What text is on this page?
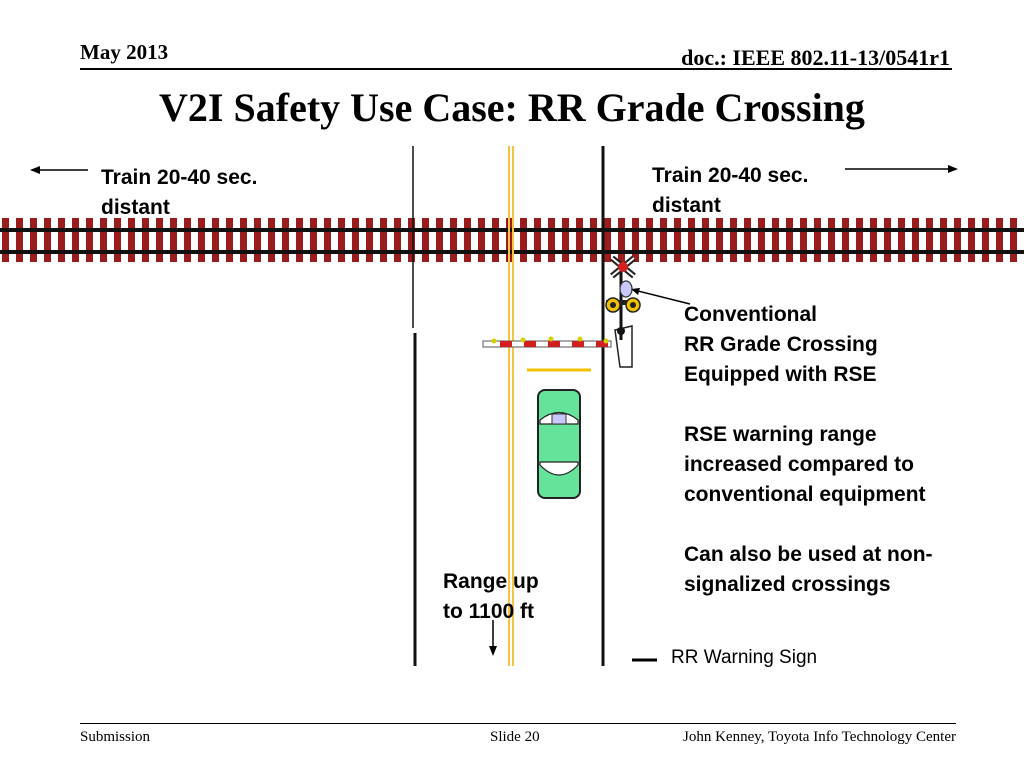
May 2013	doc.: IEEE 802.11-13/0541r1
V2I Safety Use Case: RR Grade Crossing
Train 20-40 sec.
distant
Train 20-40 sec.
distant
Range up
to 1100 ft

Conventional
RR Grade Crossing
Equipped with RSE

RSE warning range
increased compared to
conventional equipment

Can also be used at non-
signalized crossings

RR Warning Sign
Submission	Slide 20	John Kenney, Toyota Info Technology Center
